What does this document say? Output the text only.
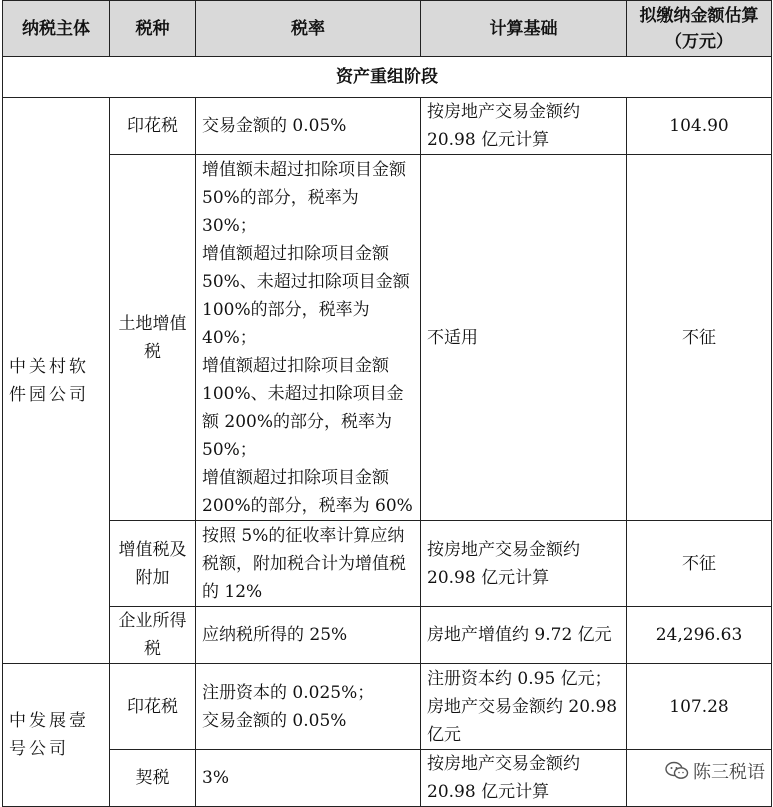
纳税主体	税种	税率	计算基础	拟缴纳金额估算（万元）
资产重组阶段				
中关村软件园公司	印花税	交易金额的 0.05%	按房地产交易金额约 20.98 亿元计算	104.90
	土地增值税	增值额未超过扣除项目金额 50%的部分，税率为 30%；
增值额超过扣除项目金额 50%、未超过扣除项目金额 100%的部分，税率为 40%；
增值额超过扣除项目金额 100%、未超过扣除项目金额 200%的部分，税率为 50%；
增值额超过扣除项目金额 200%的部分，税率为 60%	不适用	不征
	增值税及附加	按照 5%的征收率计算应纳税额，附加税合计为增值税的 12%	按房地产交易金额约 20.98 亿元计算	不征
	企业所得税	应纳税所得的 25%	房地产增值约 9.72 亿元	24,296.63
中发展壹号公司	印花税	注册资本的 0.025%；
交易金额的 0.05%	注册资本约 0.95 亿元；房地产交易金额约 20.98 亿元	107.28
	契税	3%	按房地产交易金额约 20.98 亿元计算	
陈三税语
